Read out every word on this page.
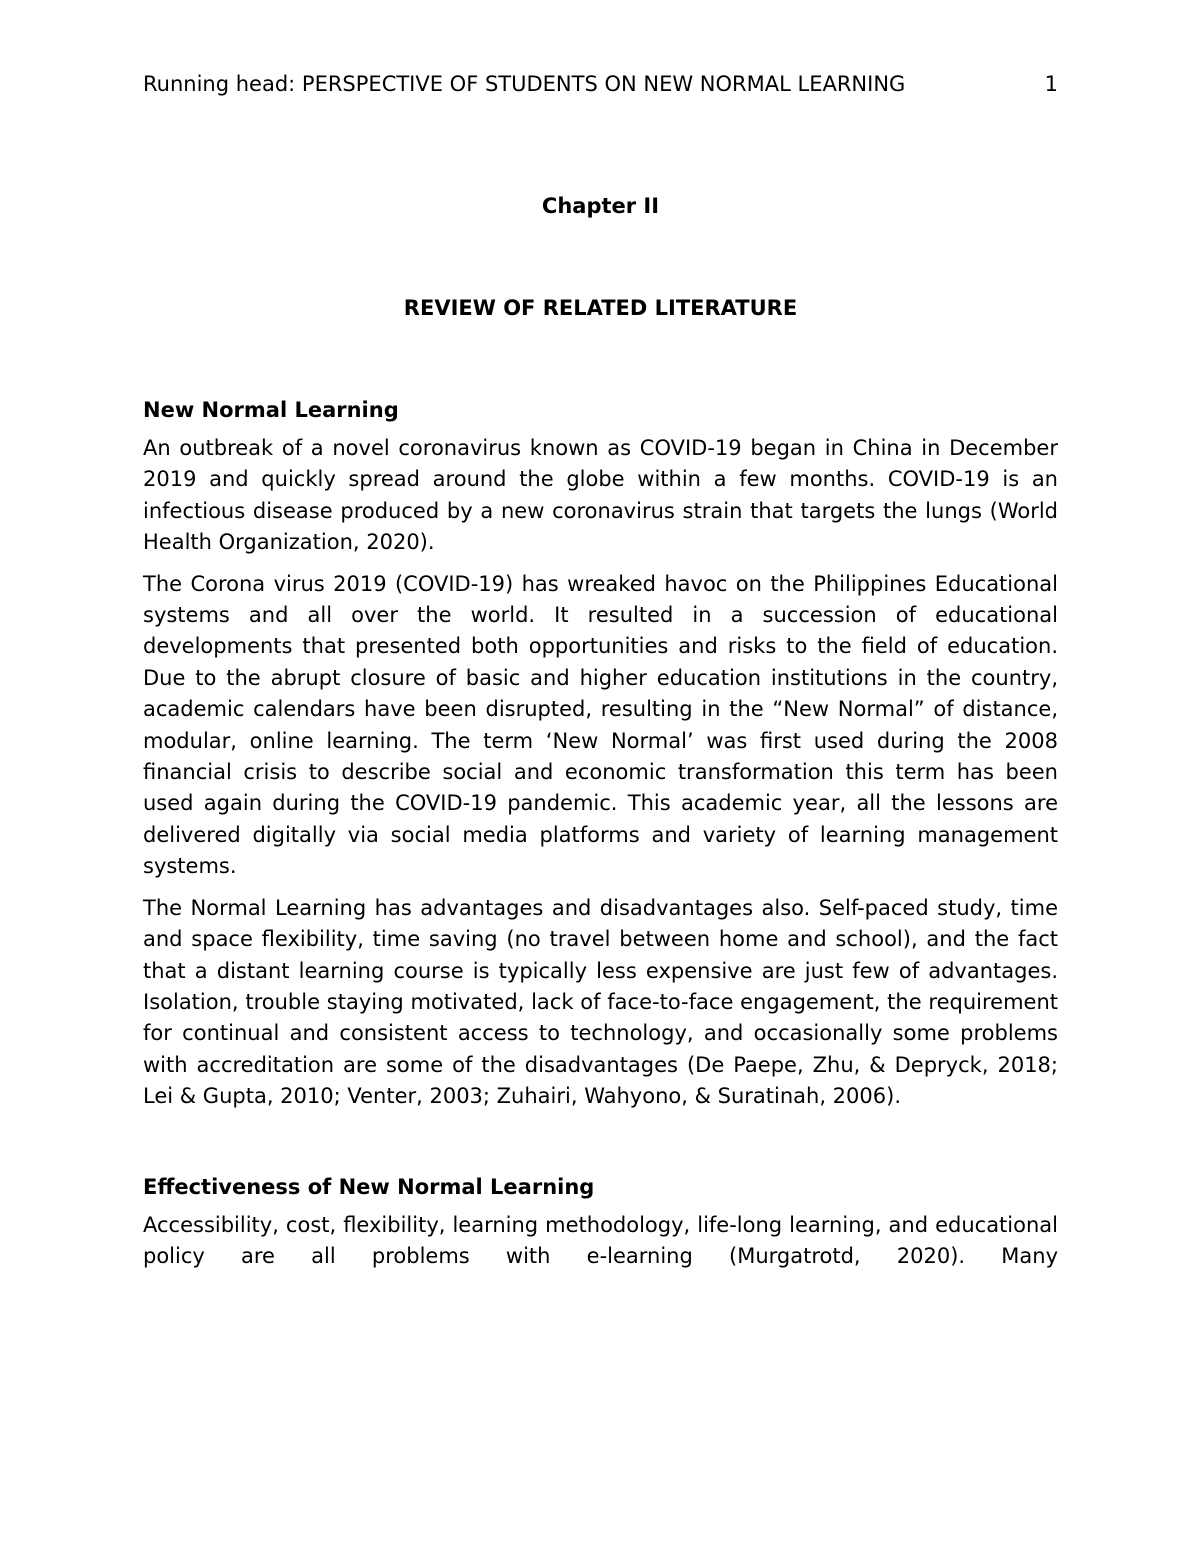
Running head: PERSPECTIVE OF STUDENTS ON NEW NORMAL LEARNING	1
Chapter II
REVIEW OF RELATED LITERATURE
New Normal Learning

An outbreak of a novel coronavirus known as COVID-19 began in China in December 2019 and quickly spread around the globe within a few months. COVID-19 is an infectious disease produced by a new coronavirus strain that targets the lungs (World Health Organization, 2020).

The Corona virus 2019 (COVID-19) has wreaked havoc on the Philippines Educational systems and all over the world. It resulted in a succession of educational developments that presented both opportunities and risks to the field of education. Due to the abrupt closure of basic and higher education institutions in the country, academic calendars have been disrupted, resulting in the “New Normal” of distance, modular, online learning. The term ‘New Normal’ was first used during the 2008 financial crisis to describe social and economic transformation this term has been used again during the COVID-19 pandemic. This academic year, all the lessons are delivered digitally via social media platforms and variety of learning management systems.

The Normal Learning has advantages and disadvantages also. Self-paced study, time and space flexibility, time saving (no travel between home and school), and the fact that a distant learning course is typically less expensive are just few of advantages. Isolation, trouble staying motivated, lack of face-to-face engagement, the requirement for continual and consistent access to technology, and occasionally some problems with accreditation are some of the disadvantages (De Paepe, Zhu, & Depryck, 2018; Lei & Gupta, 2010; Venter, 2003; Zuhairi, Wahyono, & Suratinah, 2006).

Effectiveness of New Normal Learning

Accessibility, cost, flexibility, learning methodology, life-long learning, and educational policy are all problems with e-learning (Murgatrotd, 2020). Many
